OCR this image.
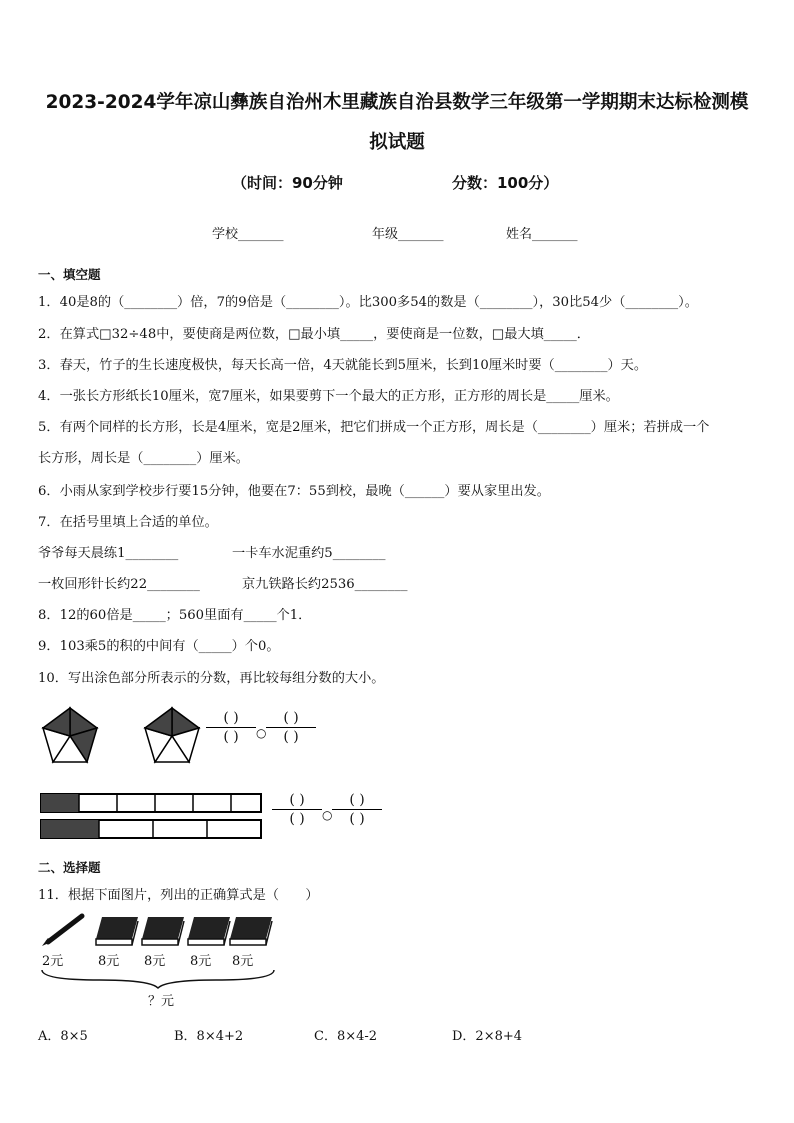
2023-2024学年凉山彝族自治州木里藏族自治县数学三年级第一学期期末达标检测模
拟试题
（时间：90分钟	分数：100分）
学校_______	年级_______	姓名_______
一、填空题
1．40是8的（________）倍，7的9倍是（________）。比300多54的数是（________），30比54少（________）。
2．在算式□32÷48中，要使商是两位数，□最小填_____，要使商是一位数，□最大填_____．
3．春天，竹子的生长速度极快，每天长高一倍，4天就能长到5厘米，长到10厘米时要（________）天。
4．一张长方形纸长10厘米，宽7厘米，如果要剪下一个最大的正方形，正方形的周长是_____厘米。
5．有两个同样的长方形，长是4厘米，宽是2厘米，把它们拼成一个正方形，周长是（________）厘米；若拼成一个
长方形，周长是（________）厘米。
6．小雨从家到学校步行要15分钟，他要在7：55到校，最晚（______）要从家里出发。
7．在括号里填上合适的单位。
爷爷每天晨练1________	一卡车水泥重约5________
一枚回形针长约22________	京九铁路长约2536________
8．12的60倍是_____；560里面有_____个1．
9．103乘5的积的中间有（_____）个0。
10．写出涂色部分所表示的分数，再比较每组分数的大小。
( )
( )	○
( )
( )
( )
( )	○
( )
( )
二、选择题
11．根据下面图片，列出的正确算式是（　　）
2元	8元 8元 8元 8元
？元
A．8×5	B．8×4+2	C．8×4-2	D．2×8+4
